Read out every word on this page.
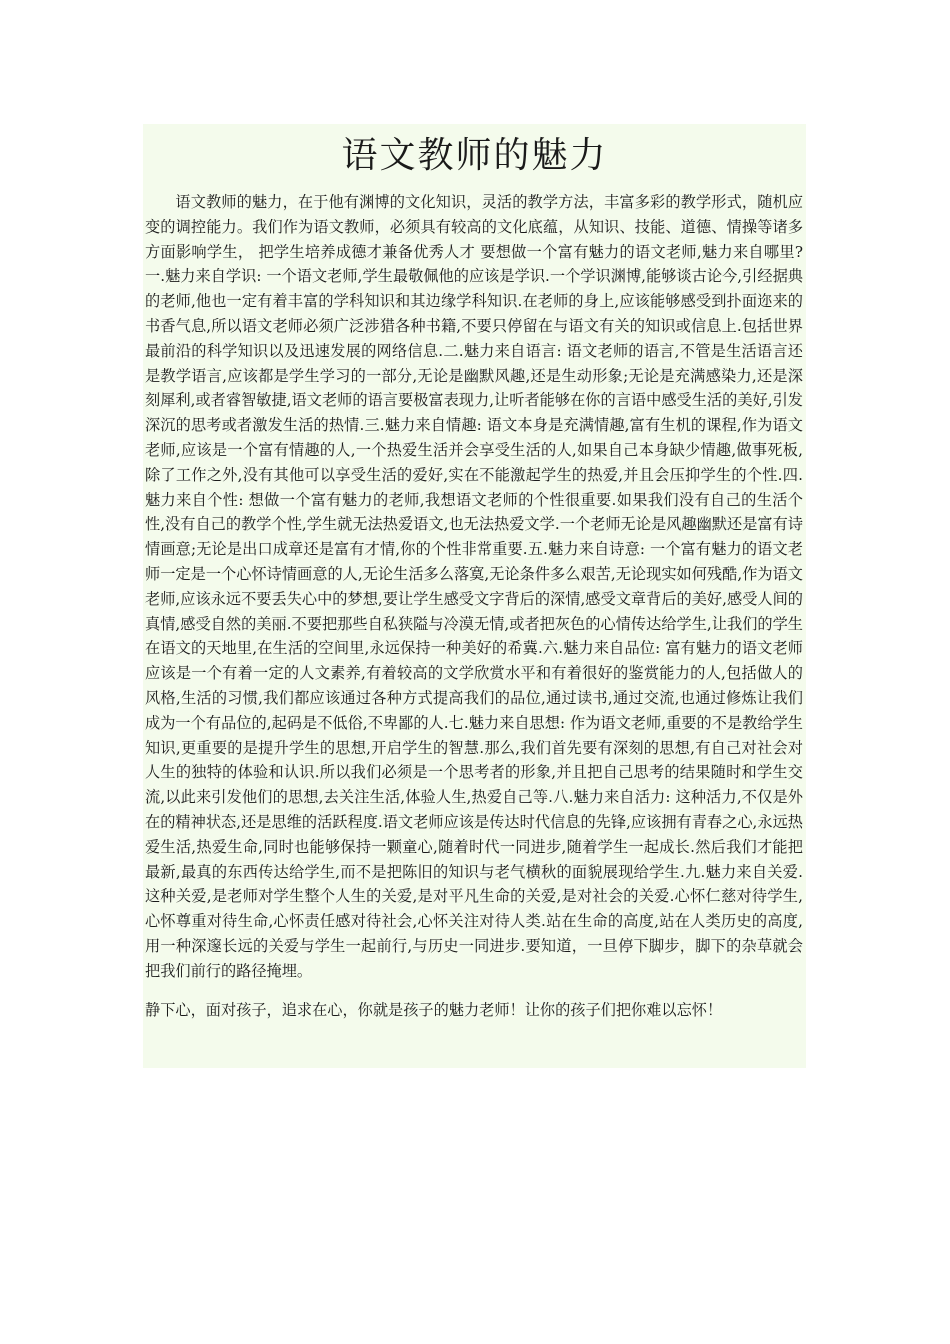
语文教师的魅力

语文教师的魅力，在于他有渊博的文化知识，灵活的教学方法，丰富多彩的教学形式，随机应变的调控能力。我们作为语文教师，必须具有较高的文化底蕴，从知识、技能、道德、情操等诸多方面影响学生， 把学生培养成德才兼备优秀人才 要想做一个富有魅力的语文老师,魅力来自哪里?一.魅力来自学识: 一个语文老师,学生最敬佩他的应该是学识.一个学识渊博,能够谈古论今,引经据典的老师,他也一定有着丰富的学科知识和其边缘学科知识.在老师的身上,应该能够感受到扑面迩来的书香气息,所以语文老师必须广泛涉猎各种书籍,不要只停留在与语文有关的知识或信息上.包括世界最前沿的科学知识以及迅速发展的网络信息.二.魅力来自语言: 语文老师的语言,不管是生活语言还是教学语言,应该都是学生学习的一部分,无论是幽默风趣,还是生动形象;无论是充满感染力,还是深刻犀利,或者睿智敏捷,语文老师的语言要极富表现力,让听者能够在你的言语中感受生活的美好,引发深沉的思考或者激发生活的热情.三.魅力来自情趣: 语文本身是充满情趣,富有生机的课程,作为语文老师,应该是一个富有情趣的人,一个热爱生活并会享受生活的人,如果自己本身缺少情趣,做事死板,除了工作之外,没有其他可以享受生活的爱好,实在不能激起学生的热爱,并且会压抑学生的个性.四.魅力来自个性: 想做一个富有魅力的老师,我想语文老师的个性很重要.如果我们没有自己的生活个性,没有自己的教学个性,学生就无法热爱语文,也无法热爱文学.一个老师无论是风趣幽默还是富有诗情画意;无论是出口成章还是富有才情,你的个性非常重要.五.魅力来自诗意: 一个富有魅力的语文老师一定是一个心怀诗情画意的人,无论生活多么落寞,无论条件多么艰苦,无论现实如何残酷,作为语文老师,应该永远不要丢失心中的梦想,要让学生感受文字背后的深情,感受文章背后的美好,感受人间的真情,感受自然的美丽.不要把那些自私狭隘与冷漠无情,或者把灰色的心情传达给学生,让我们的学生在语文的天地里,在生活的空间里,永远保持一种美好的希冀.六.魅力来自品位: 富有魅力的语文老师应该是一个有着一定的人文素养,有着较高的文学欣赏水平和有着很好的鉴赏能力的人,包括做人的风格,生活的习惯,我们都应该通过各种方式提高我们的品位,通过读书,通过交流,也通过修炼让我们成为一个有品位的,起码是不低俗,不卑鄙的人.七.魅力来自思想: 作为语文老师,重要的不是教给学生知识,更重要的是提升学生的思想,开启学生的智慧.那么,我们首先要有深刻的思想,有自己对社会对人生的独特的体验和认识.所以我们必须是一个思考者的形象,并且把自己思考的结果随时和学生交流,以此来引发他们的思想,去关注生活,体验人生,热爱自己等.八.魅力来自活力: 这种活力,不仅是外在的精神状态,还是思维的活跃程度.语文老师应该是传达时代信息的先锋,应该拥有青春之心,永远热爱生活,热爱生命,同时也能够保持一颗童心,随着时代一同进步,随着学生一起成长.然后我们才能把最新,最真的东西传达给学生,而不是把陈旧的知识与老气横秋的面貌展现给学生.九.魅力来自关爱. 这种关爱,是老师对学生整个人生的关爱,是对平凡生命的关爱,是对社会的关爱.心怀仁慈对待学生,心怀尊重对待生命,心怀责任感对待社会,心怀关注对待人类.站在生命的高度,站在人类历史的高度,用一种深邃长远的关爱与学生一起前行,与历史一同进步.要知道，一旦停下脚步，脚下的杂草就会把我们前行的路径掩埋。

静下心，面对孩子，追求在心，你就是孩子的魅力老师！让你的孩子们把你难以忘怀！
